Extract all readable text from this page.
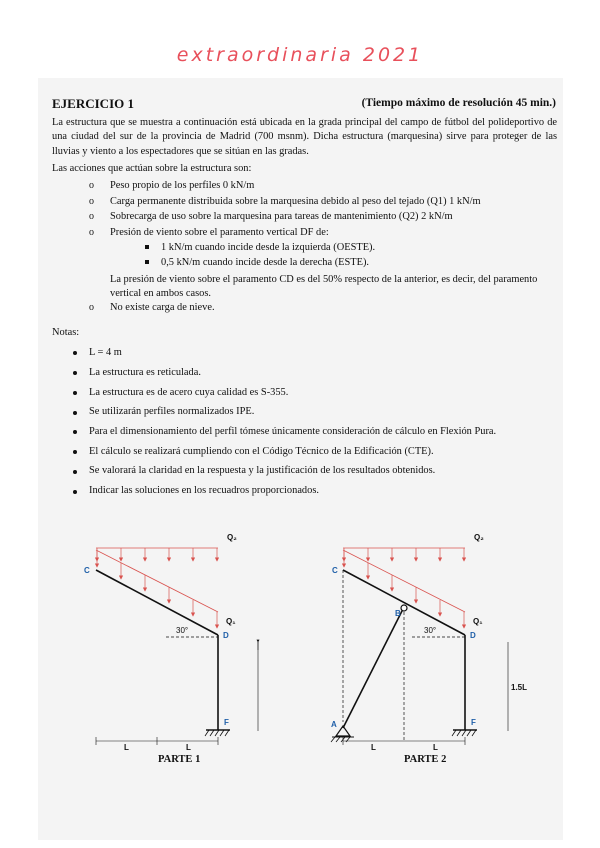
extraordinaria 2021
EJERCICIO 1	(Tiempo máximo de resolución 45 min.)
La estructura que se muestra a continuación está ubicada en la grada principal del campo de fútbol del polideportivo de una ciudad del sur de la provincia de Madrid (700 msnm). Dicha estructura (marquesina) sirve para proteger de las lluvias y viento a los espectadores que se sitúan en las gradas.
Las acciones que actúan sobre la estructura son:
o Peso propio de los perfiles 0 kN/m
o Carga permanente distribuida sobre la marquesina debido al peso del tejado (Q1) 1 kN/m
o Sobrecarga de uso sobre la marquesina para tareas de mantenimiento (Q2) 2 kN/m
o Presión de viento sobre el paramento vertical DF de:
1 kN/m cuando incide desde la izquierda (OESTE).
0,5 kN/m cuando incide desde la derecha (ESTE).
La presión de viento sobre el paramento CD es del 50% respecto de la anterior, es decir, del paramento vertical en ambos casos.
o No existe carga de nieve.
Notas:
L = 4 m
La estructura es reticulada.
La estructura es de acero cuya calidad es S-355.
Se utilizarán perfiles normalizados IPE.
Para el dimensionamiento del perfil tómese únicamente consideración de cálculo en Flexión Pura.
El cálculo se realizará cumpliendo con el Código Técnico de la Edificación (CTE).
Se valorará la claridad en la respuesta y la justificación de los resultados obtenidos.
Indicar las soluciones en los recuadros proporcionados.
Q₂
Q₁
30°
C
D
F
L	L
PARTE 1
Q₂
Q₁
30°
C
D
F
A
B
1.5L
L	L
PARTE 2
